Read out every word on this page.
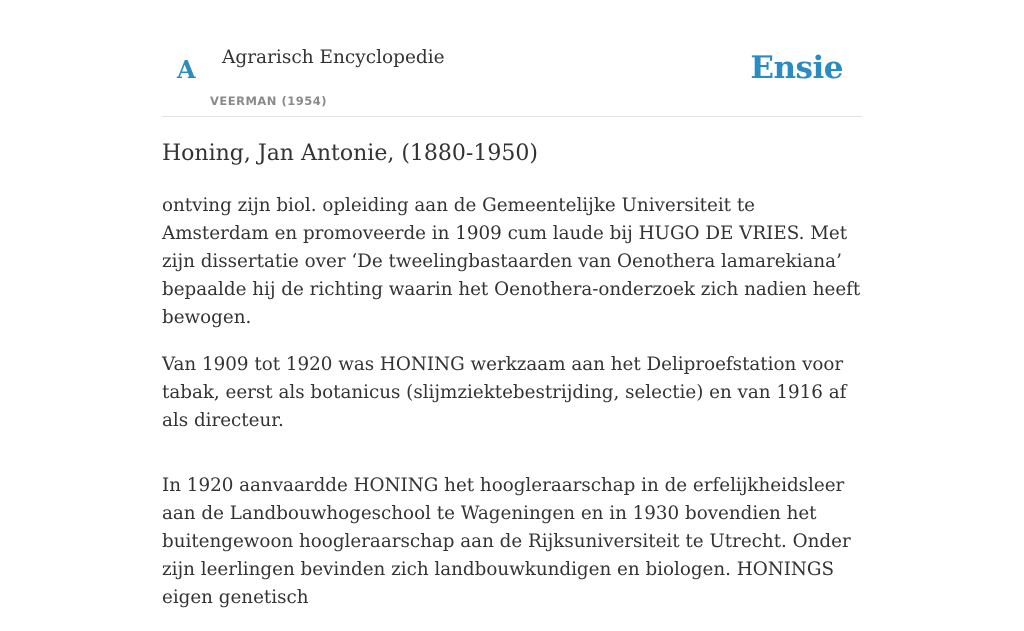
A Agrarisch Encyclopedie
VEERMAN (1954)
Ensie
Honing, Jan Antonie, (1880-1950)

ontving zijn biol. opleiding aan de Gemeentelijke Universiteit te Amsterdam en promoveerde in 1909 cum laude bij HUGO DE VRIES. Met zijn dissertatie over ‘De tweelingbastaarden van Oenothera lamarekiana’ bepaalde hij de richting waarin het Oenothera-onderzoek zich nadien heeft bewogen.

Van 1909 tot 1920 was HONING werkzaam aan het Deliproefstation voor tabak, eerst als botanicus (slijmziektebestrijding, selectie) en van 1916 af als directeur.

In 1920 aanvaardde HONING het hoogleraarschap in de erfelijkheidsleer aan de Landbouwhogeschool te Wageningen en in 1930 bovendien het buitengewoon hoogleraarschap aan de Rijksuniversiteit te Utrecht. Onder zijn leerlingen bevinden zich landbouwkundigen en biologen. HONINGS eigen genetisch
